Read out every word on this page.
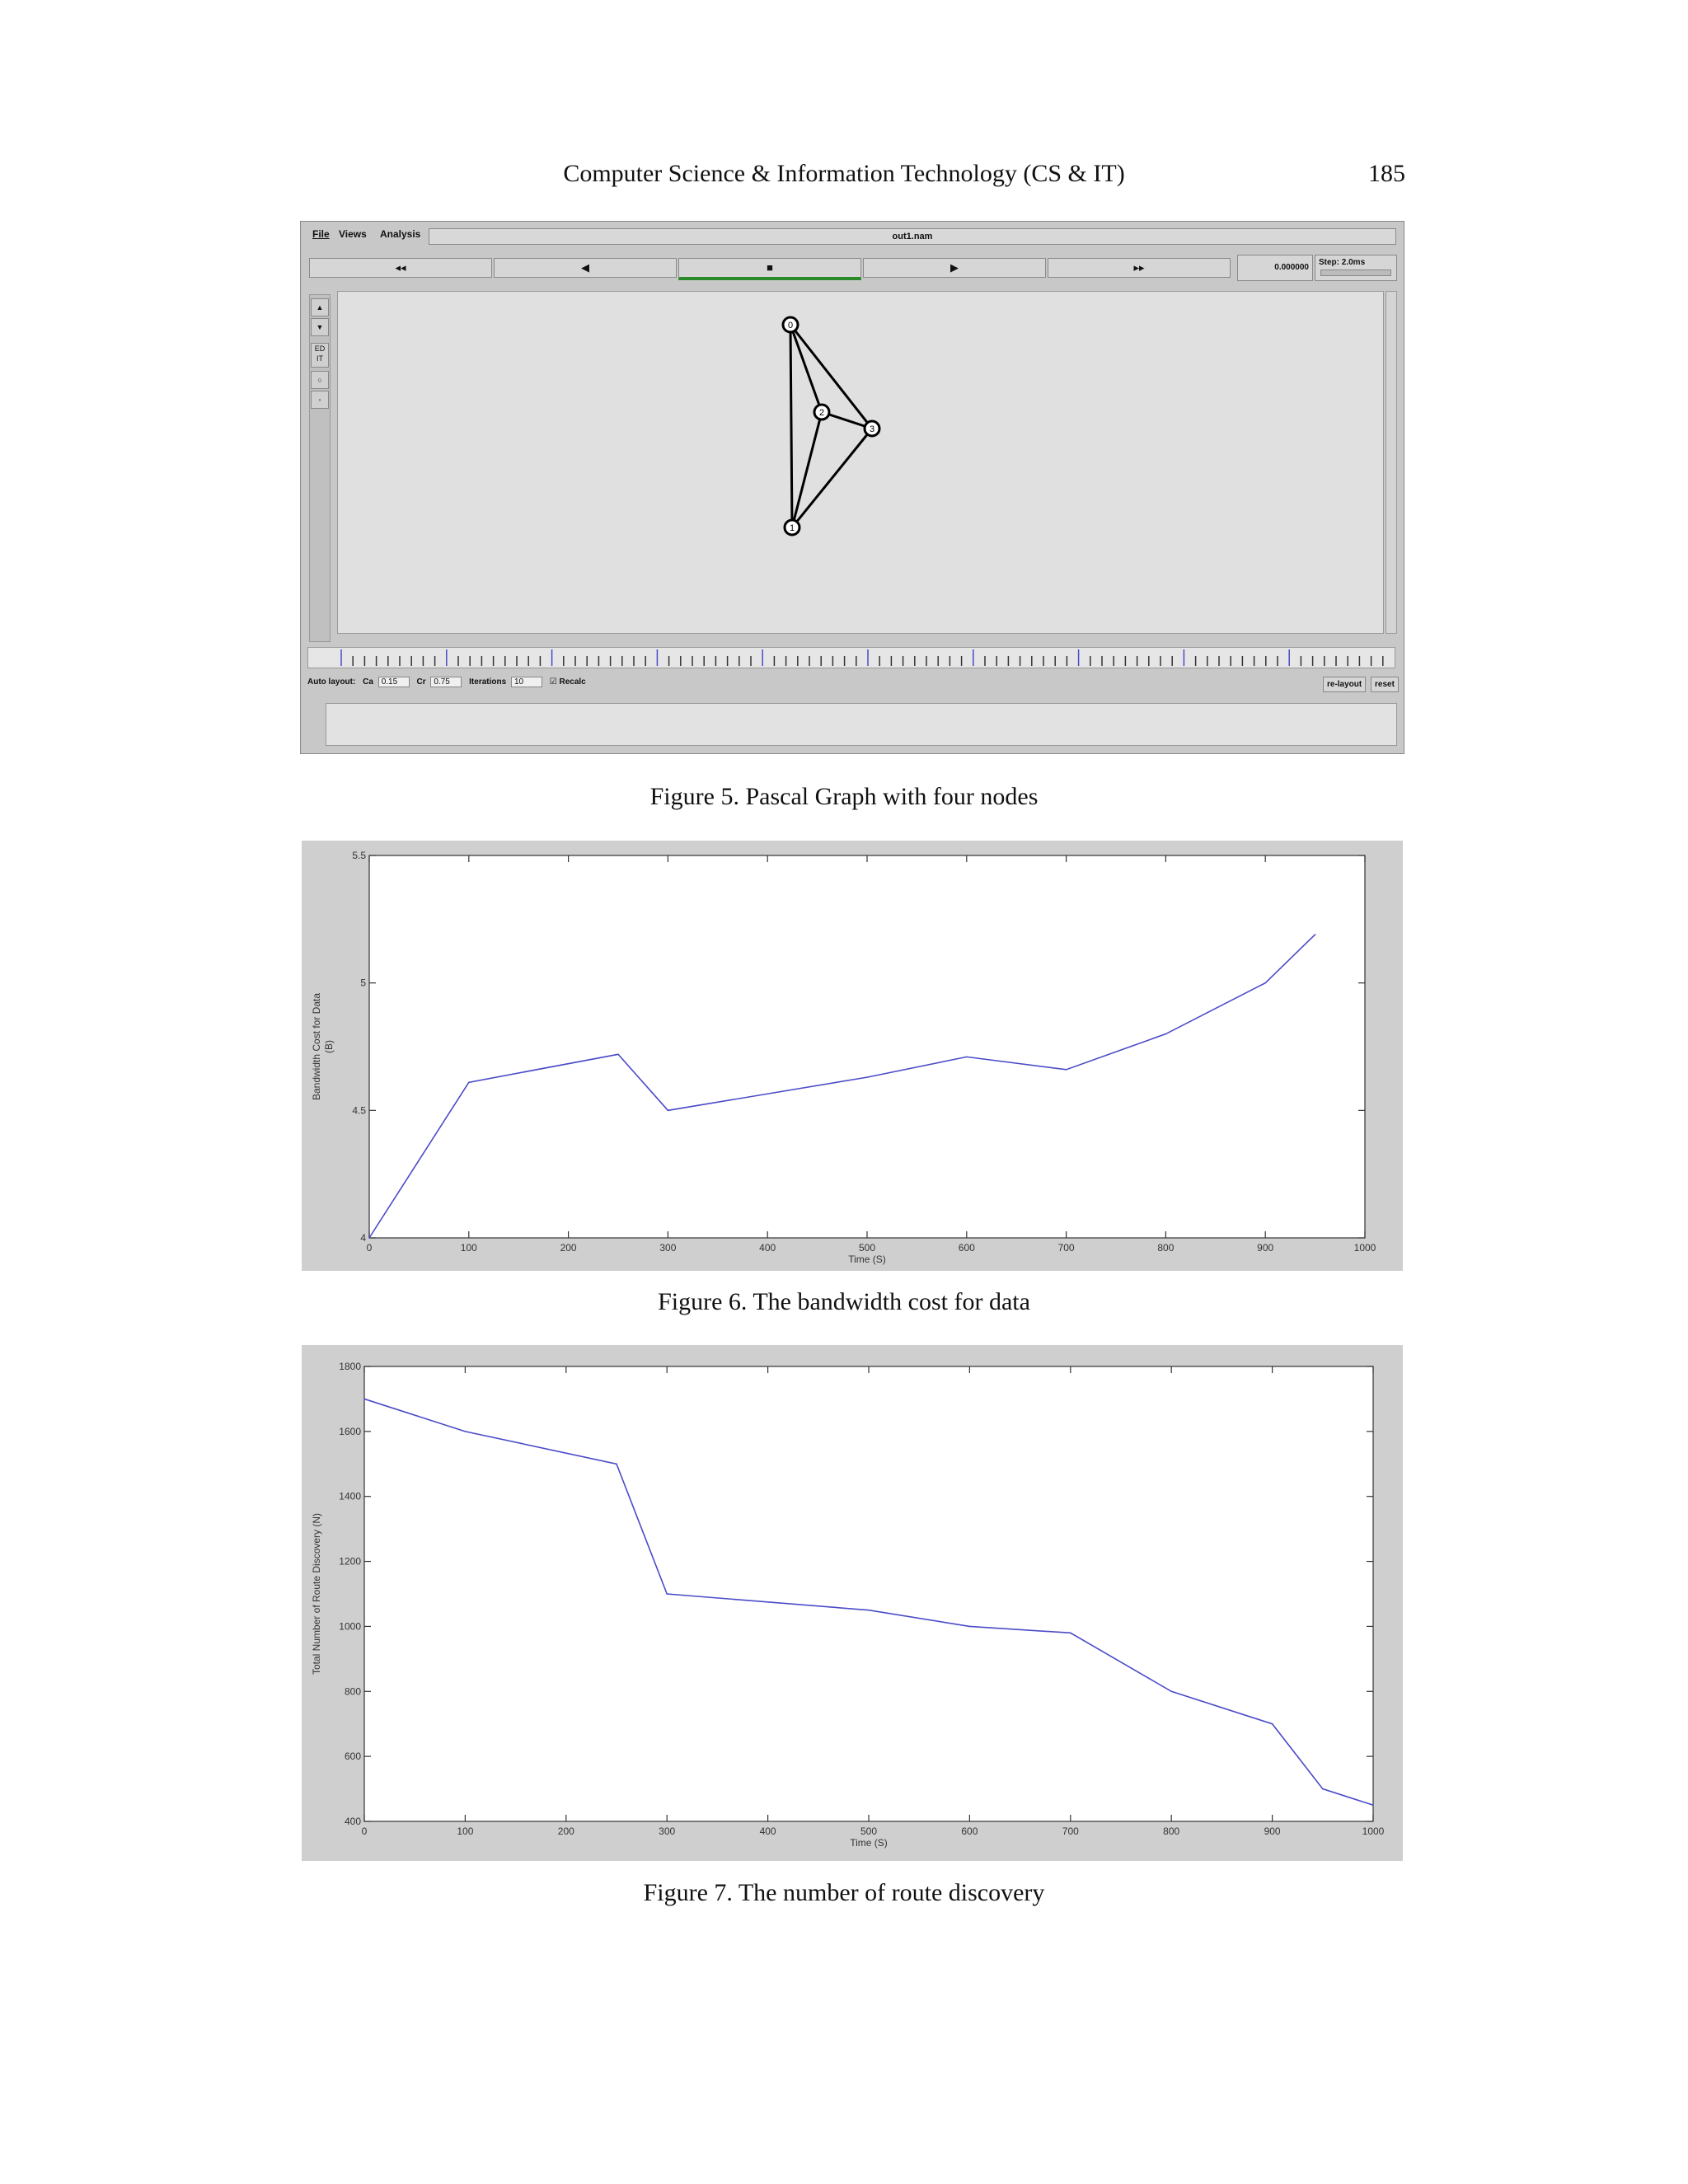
Computer Science & Information Technology (CS & IT)	185
File Views Analysis	out1.nam
◂◂	◀	■	▶	▸▸	0.000000
Step: 2.0ms
▲
▼
ED
IT
○
◦
0
1
2
3
Auto layout: Ca 0.15 Cr 0.75 Iterations 10	☑ Recalc	re-layout	reset
Figure 5. Pascal Graph with four nodes
0	100	200	300	400	500	600	700	800	900	1000
4
4.5
5
5.5
Time (S)
Bandwidth Cost for Data (B)
Figure 6. The bandwidth cost for data
0	100	200	300	400	500	600	700	800	900	1000
400
600
800
1000
1200
1400
1600
1800
Time (S)
Total Number of Route Discovery (N)
Figure 7. The number of route discovery
